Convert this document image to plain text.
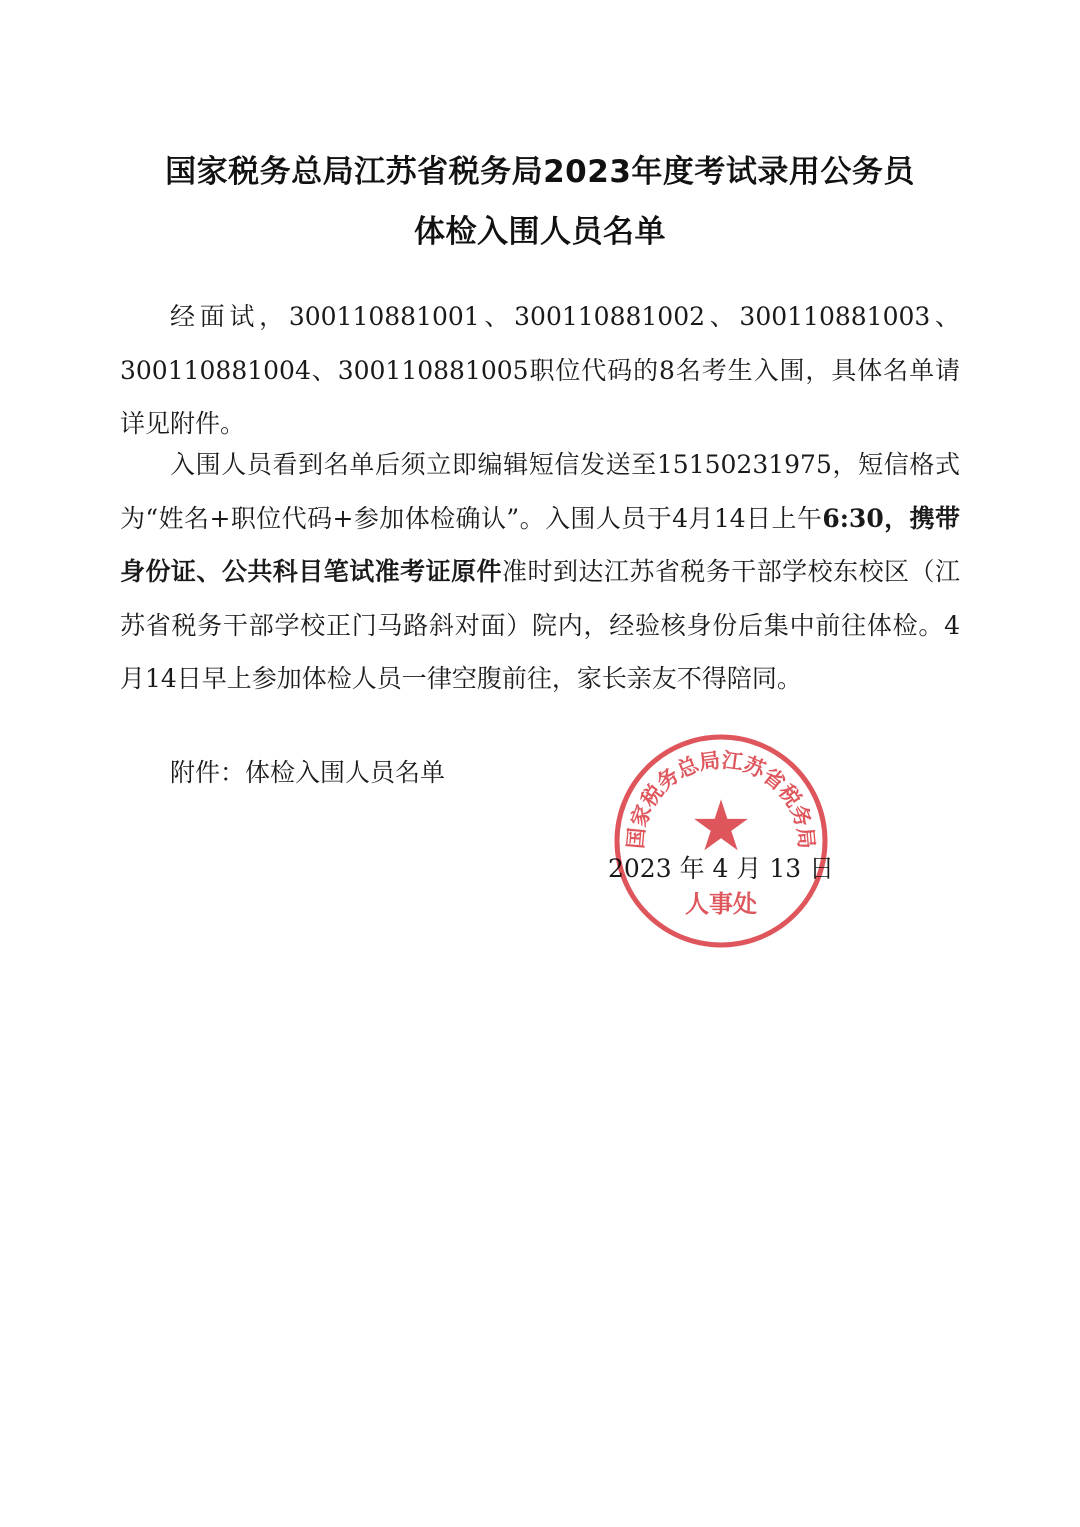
国家税务总局江苏省税务局2023年度考试录用公务员
体检入围人员名单
经面试，300110881001、300110881002、300110881003、300110881004、300110881005职位代码的8名考生入围，具体名单请详见附件。
入围人员看到名单后须立即编辑短信发送至15150231975，短信格式为“姓名+职位代码+参加体检确认”。入围人员于4月14日上午6:30，携带身份证、公共科目笔试准考证原件准时到达江苏省税务干部学校东校区（江苏省税务干部学校正门马路斜对面）院内，经验核身份后集中前往体检。4月14日早上参加体检人员一律空腹前往，家长亲友不得陪同。
附件：体检入围人员名单
2023 年 4 月 13 日
国家税务总局江苏省税务局
★
人事处
